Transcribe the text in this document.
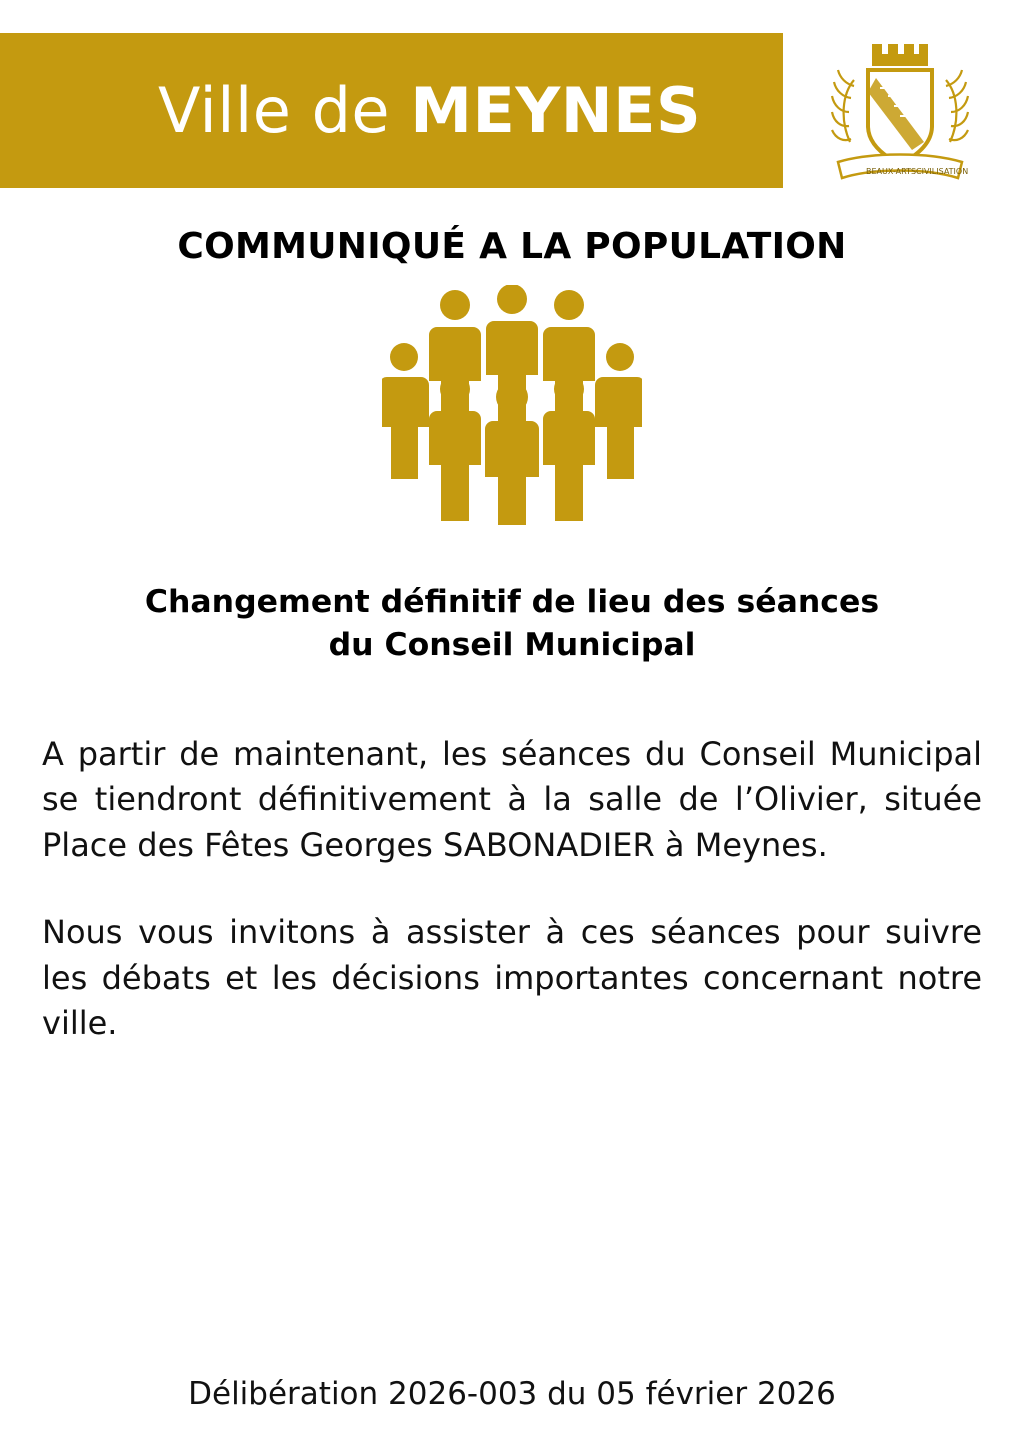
Ville de MEYNES
BEAUX-ARTS CIVILISATION
COMMUNIQUÉ A LA POPULATION
Changement définitif de lieu des séances
du Conseil Municipal

A partir de maintenant, les séances du Conseil Municipal se tiendront définitivement à la salle de l’Olivier, située Place des Fêtes Georges SABONADIER à Meynes.

Nous vous invitons à assister à ces séances pour suivre les débats et les décisions importantes concernant notre ville.

Délibération 2026-003 du 05 février 2026
